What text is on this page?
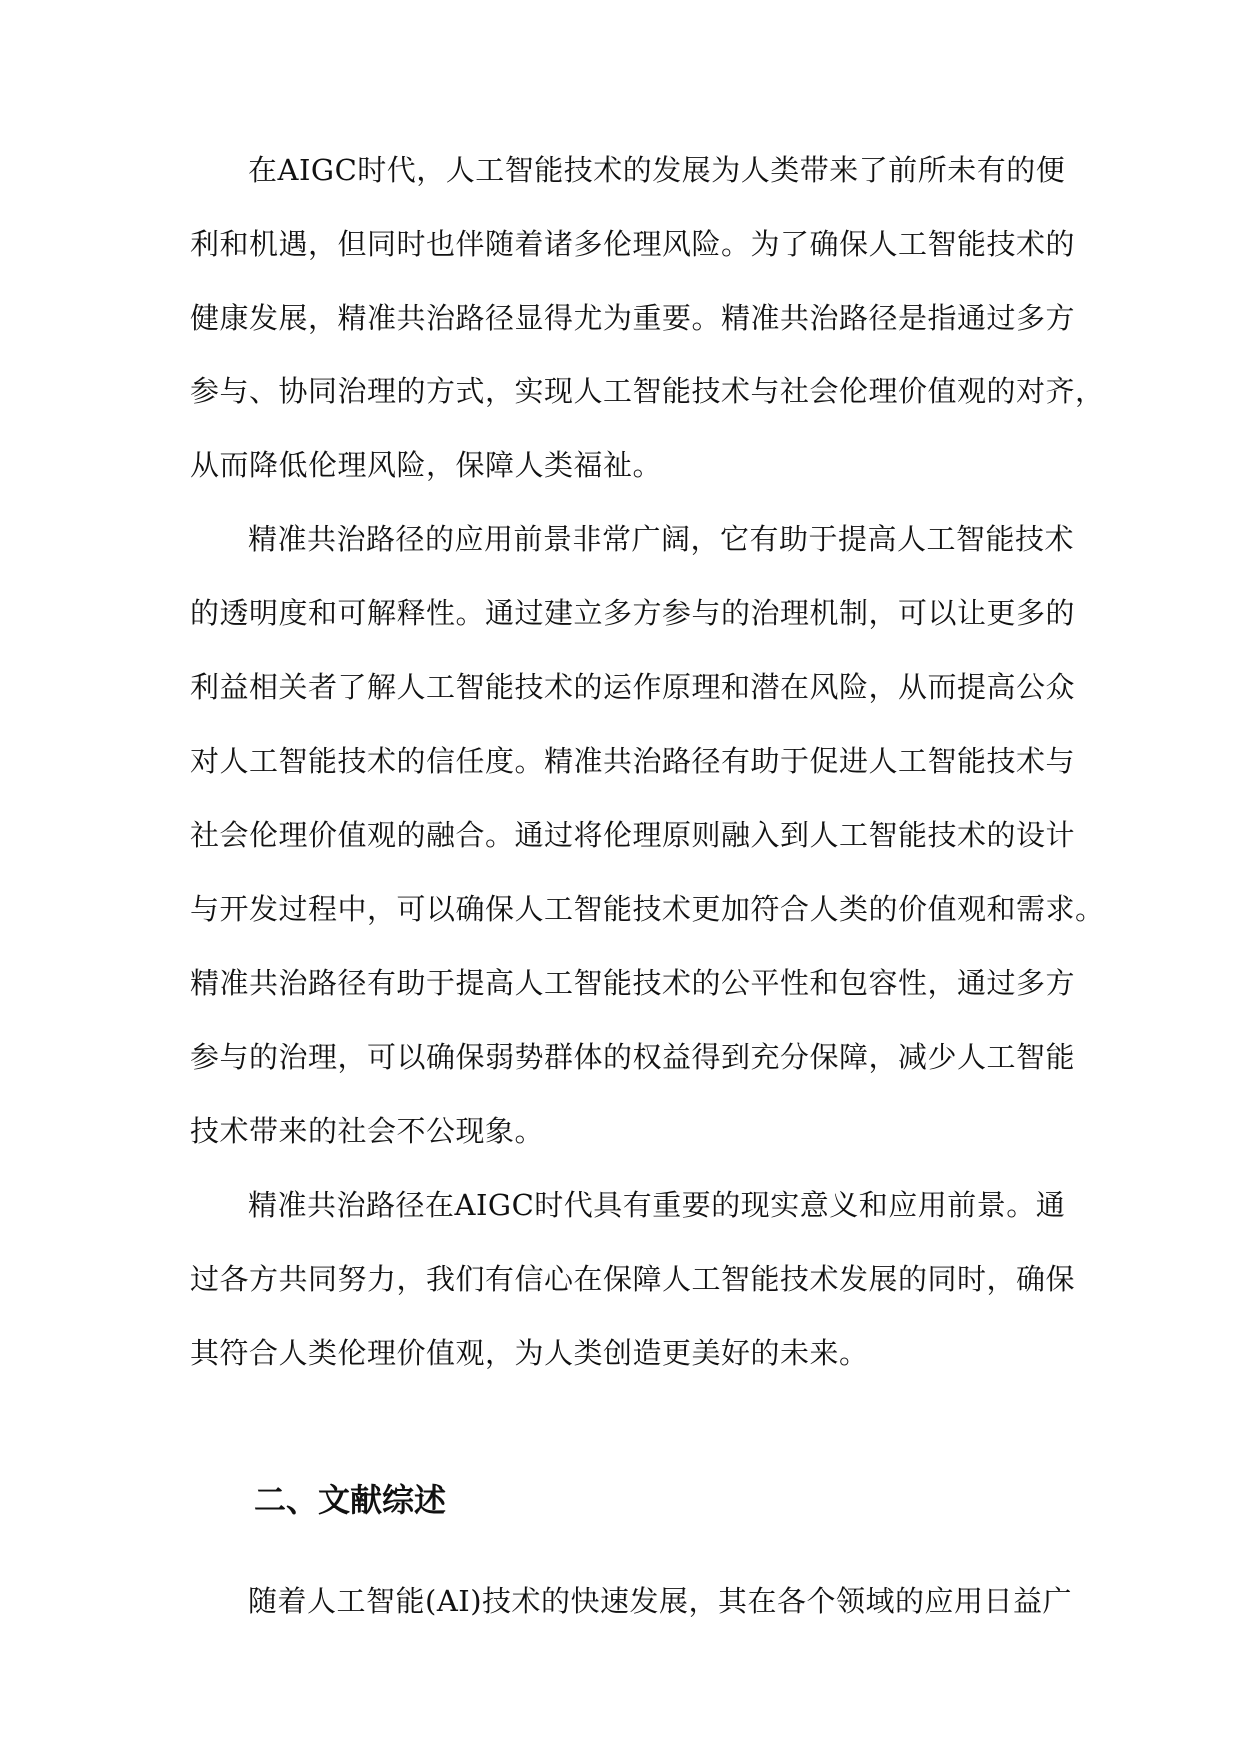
在AIGC时代，人工智能技术的发展为人类带来了前所未有的便

利和机遇，但同时也伴随着诸多伦理风险。为了确保人工智能技术的

健康发展，精准共治路径显得尤为重要。精准共治路径是指通过多方

参与、协同治理的方式，实现人工智能技术与社会伦理价值观的对齐，

从而降低伦理风险，保障人类福祉。

精准共治路径的应用前景非常广阔，它有助于提高人工智能技术

的透明度和可解释性。通过建立多方参与的治理机制，可以让更多的

利益相关者了解人工智能技术的运作原理和潜在风险，从而提高公众

对人工智能技术的信任度。精准共治路径有助于促进人工智能技术与

社会伦理价值观的融合。通过将伦理原则融入到人工智能技术的设计

与开发过程中，可以确保人工智能技术更加符合人类的价值观和需求。

精准共治路径有助于提高人工智能技术的公平性和包容性，通过多方

参与的治理，可以确保弱势群体的权益得到充分保障，减少人工智能

技术带来的社会不公现象。

精准共治路径在AIGC时代具有重要的现实意义和应用前景。通

过各方共同努力，我们有信心在保障人工智能技术发展的同时，确保

其符合人类伦理价值观，为人类创造更美好的未来。

二、文献综述

随着人工智能(AI)技术的快速发展，其在各个领域的应用日益广
